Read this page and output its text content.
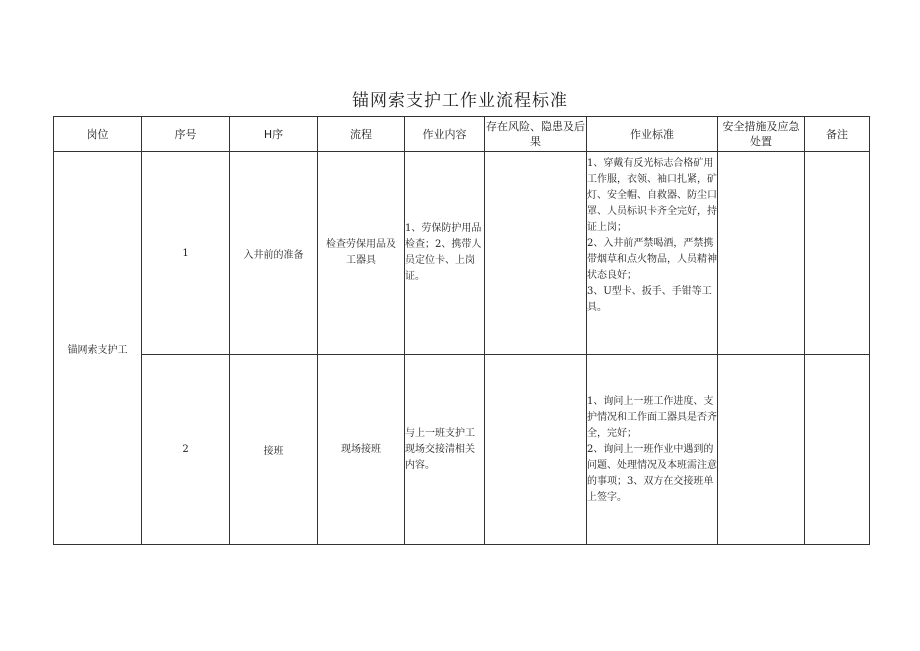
锚网索支护工作业流程标准
岗位	序号	H序	流程	作业内容	存在风险、隐患及后果	作业标准	安全措施及应急处置	备注
锚网索支护工	1	入井前的准备	检查劳保用品及工器具	1、劳保防护用品检查；2、携带人员定位卡、上岗证。		1、穿戴有反光标志合格矿用工作服，衣领、袖口扎紧，矿灯、安全帽、自救器、防尘口罩、人员标识卡齐全完好，持证上岗；
2、入井前严禁喝酒，严禁携带烟草和点火物品，人员精神状态良好；
3、U型卡、扳手、手钳等工具。		

	2	接班	现场接班	与上一班支护工现场交接清相关内容。		1、询问上一班工作进度、支护情况和工作面工器具是否齐全，完好；
2、询问上一班作业中遇到的问题、处理情况及本班需注意的事项；3、双方在交接班单上签字。		
